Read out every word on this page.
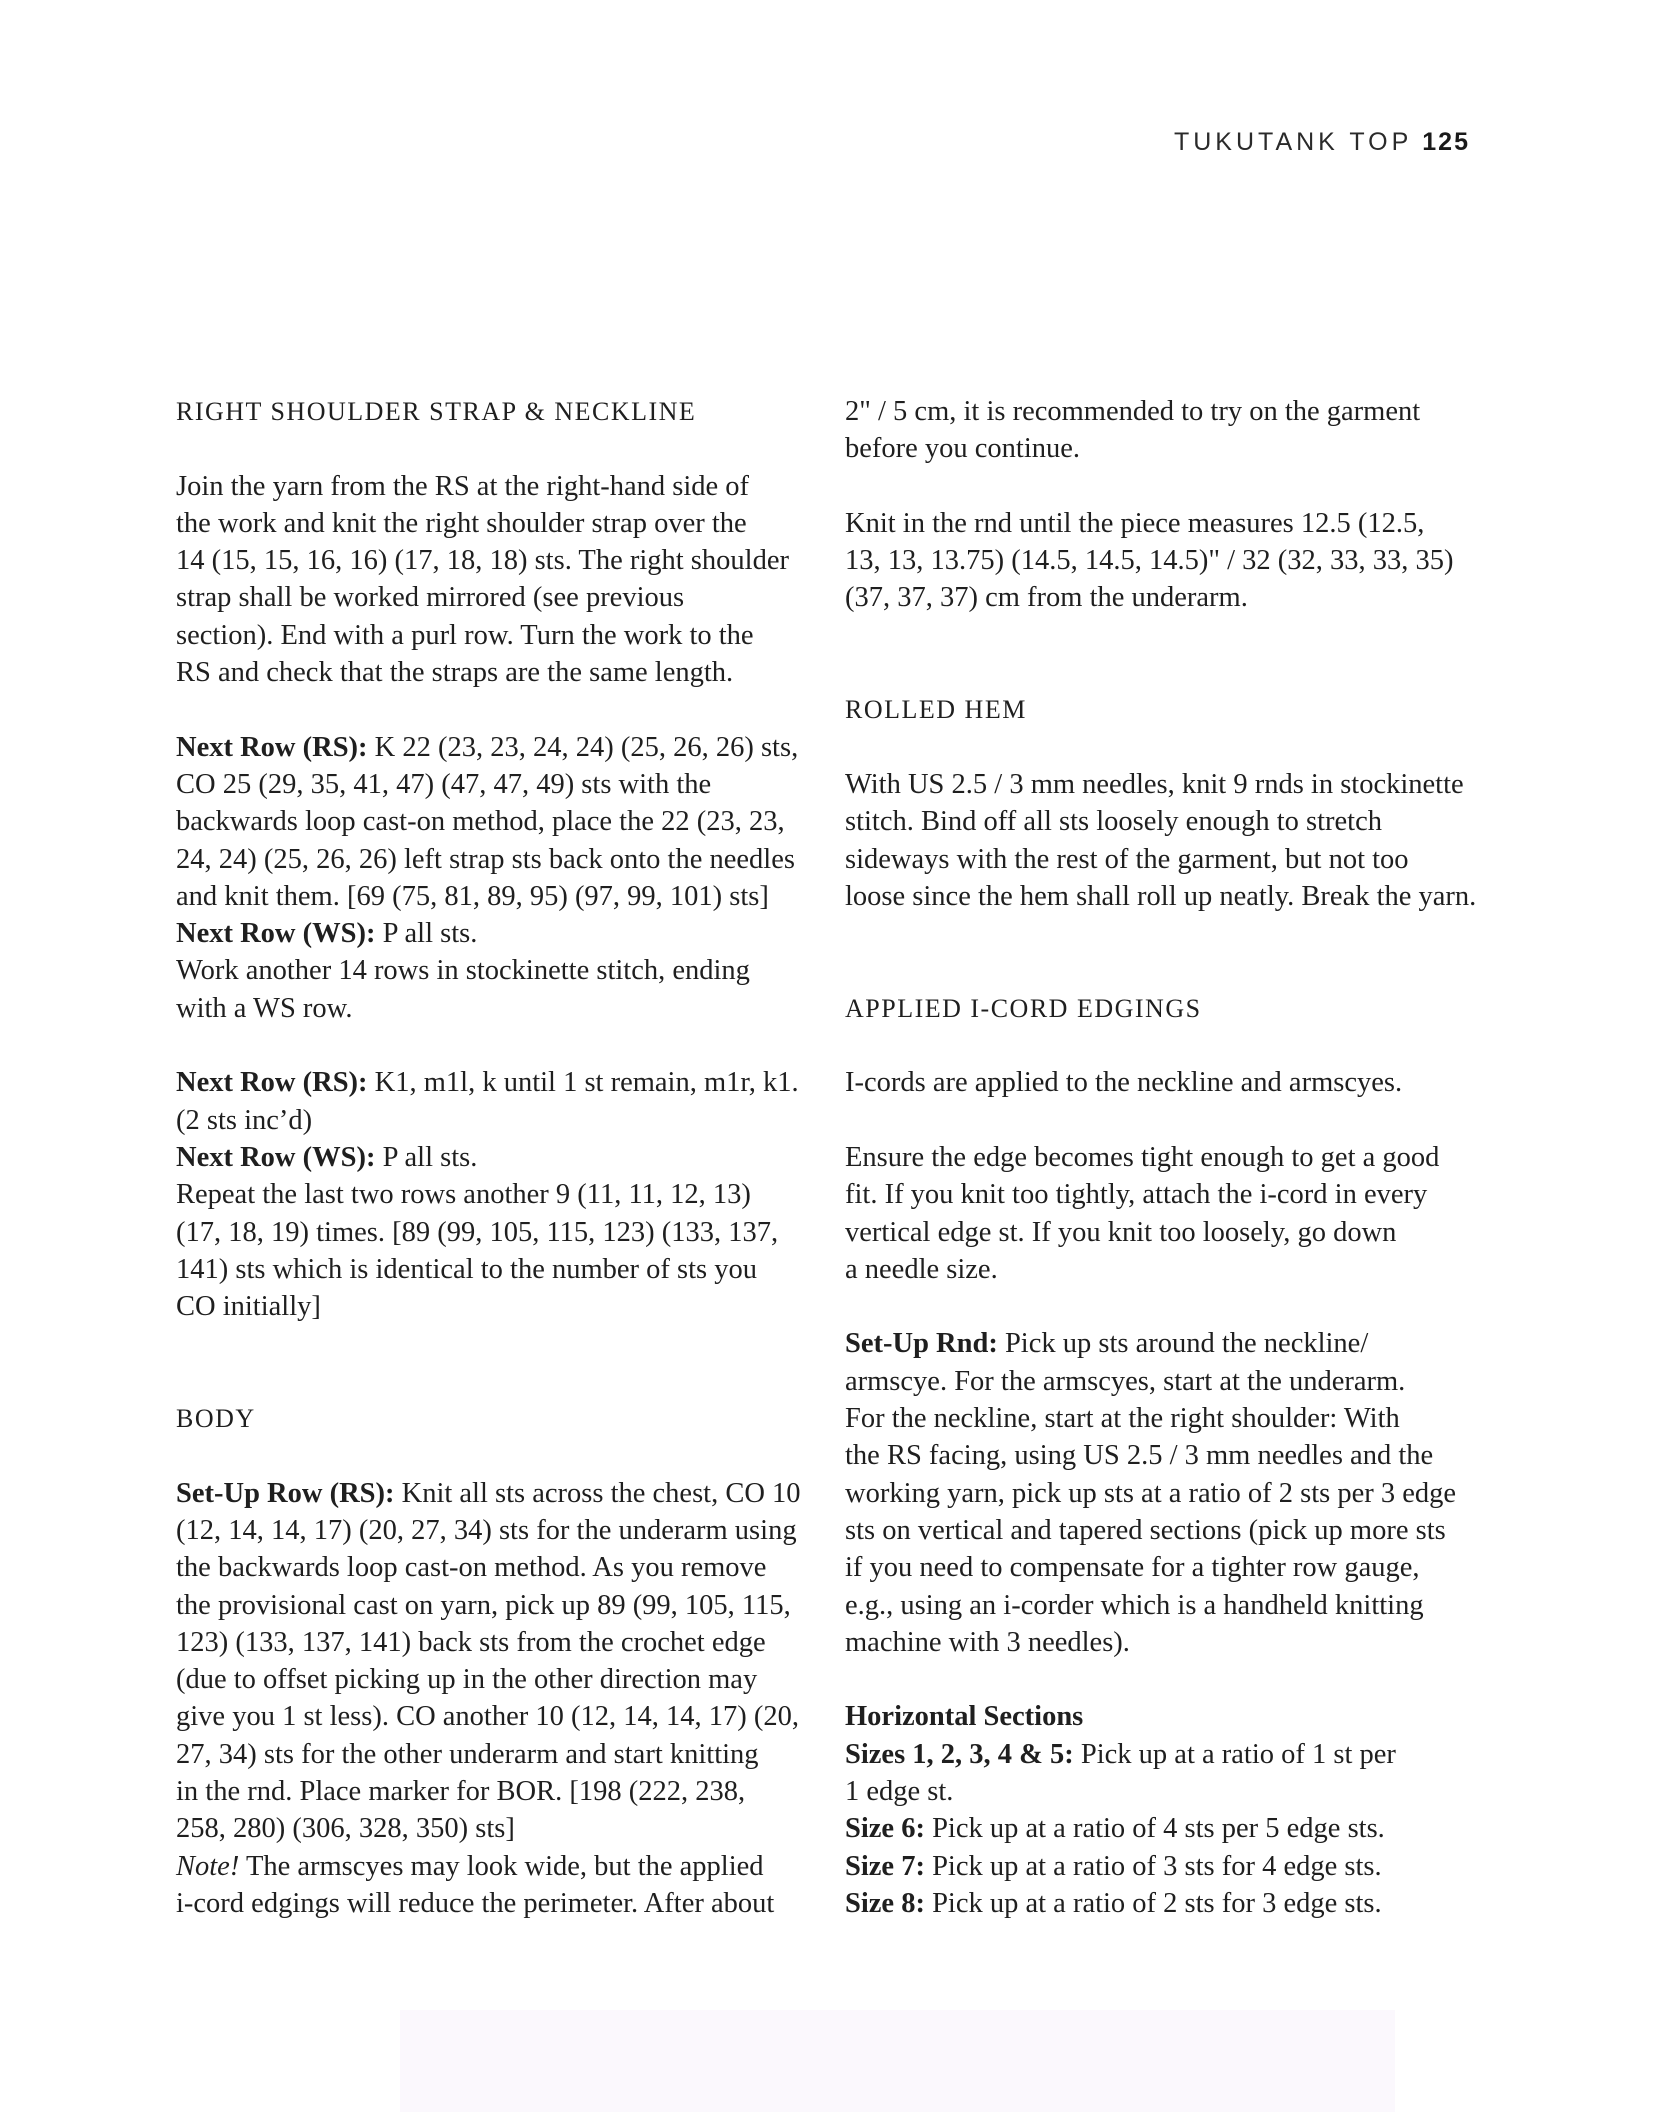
TUKUTANK TOP 125
RIGHT SHOULDER STRAP & NECKLINE
Join the yarn from the RS at the right-hand side of
the work and knit the right shoulder strap over the
14 (15, 15, 16, 16) (17, 18, 18) sts. The right shoulder
strap shall be worked mirrored (see previous
section). End with a purl row. Turn the work to the
RS and check that the straps are the same length.
Next Row (RS): K 22 (23, 23, 24, 24) (25, 26, 26) sts,
CO 25 (29, 35, 41, 47) (47, 47, 49) sts with the
backwards loop cast-on method, place the 22 (23, 23,
24, 24) (25, 26, 26) left strap sts back onto the needles
and knit them. [69 (75, 81, 89, 95) (97, 99, 101) sts]
Next Row (WS): P all sts.
Work another 14 rows in stockinette stitch, ending
with a WS row.
Next Row (RS): K1, m1l, k until 1 st remain, m1r, k1.
(2 sts inc’d)
Next Row (WS): P all sts.
Repeat the last two rows another 9 (11, 11, 12, 13)
(17, 18, 19) times. [89 (99, 105, 115, 123) (133, 137,
141) sts which is identical to the number of sts you
CO initially]
BODY
Set-Up Row (RS): Knit all sts across the chest, CO 10
(12, 14, 14, 17) (20, 27, 34) sts for the underarm using
the backwards loop cast-on method. As you remove
the provisional cast on yarn, pick up 89 (99, 105, 115,
123) (133, 137, 141) back sts from the crochet edge
(due to offset picking up in the other direction may
give you 1 st less). CO another 10 (12, 14, 14, 17) (20,
27, 34) sts for the other underarm and start knitting
in the rnd. Place marker for BOR. [198 (222, 238,
258, 280) (306, 328, 350) sts]
Note! The armscyes may look wide, but the applied
i-cord edgings will reduce the perimeter. After about
2" / 5 cm, it is recommended to try on the garment
before you continue.
Knit in the rnd until the piece measures 12.5 (12.5,
13, 13, 13.75) (14.5, 14.5, 14.5)" / 32 (32, 33, 33, 35)
(37, 37, 37) cm from the underarm.
ROLLED HEM
With US 2.5 / 3 mm needles, knit 9 rnds in stockinette
stitch. Bind off all sts loosely enough to stretch
sideways with the rest of the garment, but not too
loose since the hem shall roll up neatly. Break the yarn.
APPLIED I-CORD EDGINGS
I-cords are applied to the neckline and armscyes.
Ensure the edge becomes tight enough to get a good
fit. If you knit too tightly, attach the i-cord in every
vertical edge st. If you knit too loosely, go down
a needle size.
Set-Up Rnd: Pick up sts around the neckline/
armscye. For the armscyes, start at the underarm.
For the neckline, start at the right shoulder: With
the RS facing, using US 2.5 / 3 mm needles and the
working yarn, pick up sts at a ratio of 2 sts per 3 edge
sts on vertical and tapered sections (pick up more sts
if you need to compensate for a tighter row gauge,
e.g., using an i-corder which is a handheld knitting
machine with 3 needles).
Horizontal Sections
Sizes 1, 2, 3, 4 & 5: Pick up at a ratio of 1 st per
1 edge st.
Size 6: Pick up at a ratio of 4 sts per 5 edge sts.
Size 7: Pick up at a ratio of 3 sts for 4 edge sts.
Size 8: Pick up at a ratio of 2 sts for 3 edge sts.
